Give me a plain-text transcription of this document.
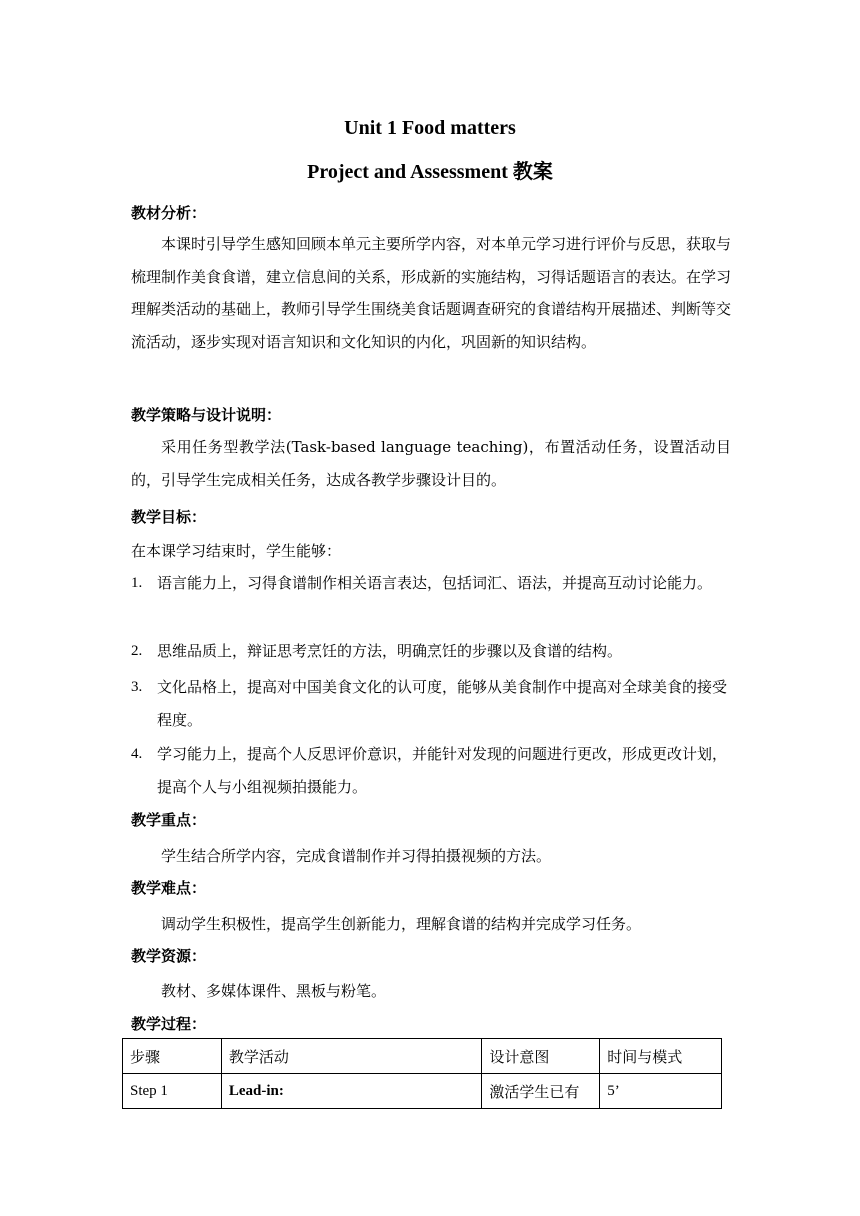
Unit 1 Food matters
Project and Assessment 教案
教材分析：
本课时引导学生感知回顾本单元主要所学内容，对本单元学习进行评价与反思，获取与梳理制作美食食谱，建立信息间的关系，形成新的实施结构，习得话题语言的表达。在学习理解类活动的基础上，教师引导学生围绕美食话题调查研究的食谱结构开展描述、判断等交流活动，逐步实现对语言知识和文化知识的内化，巩固新的知识结构。
教学策略与设计说明：
采用任务型教学法(Task-based language teaching)，布置活动任务，设置活动目的，引导学生完成相关任务，达成各教学步骤设计目的。
教学目标：
在本课学习结束时，学生能够：
1. 语言能力上，习得食谱制作相关语言表达，包括词汇、语法，并提高互动讨论能力。
2. 思维品质上，辩证思考烹饪的方法，明确烹饪的步骤以及食谱的结构。
3. 文化品格上，提高对中国美食文化的认可度，能够从美食制作中提高对全球美食的接受程度。
4. 学习能力上，提高个人反思评价意识，并能针对发现的问题进行更改，形成更改计划，提高个人与小组视频拍摄能力。
教学重点：
学生结合所学内容，完成食谱制作并习得拍摄视频的方法。
教学难点：
调动学生积极性，提高学生创新能力，理解食谱的结构并完成学习任务。
教学资源：
教材、多媒体课件、黑板与粉笔。
教学过程：
步骤	教学活动	设计意图	时间与模式
Step 1	Lead-in:	激活学生已有	5’
